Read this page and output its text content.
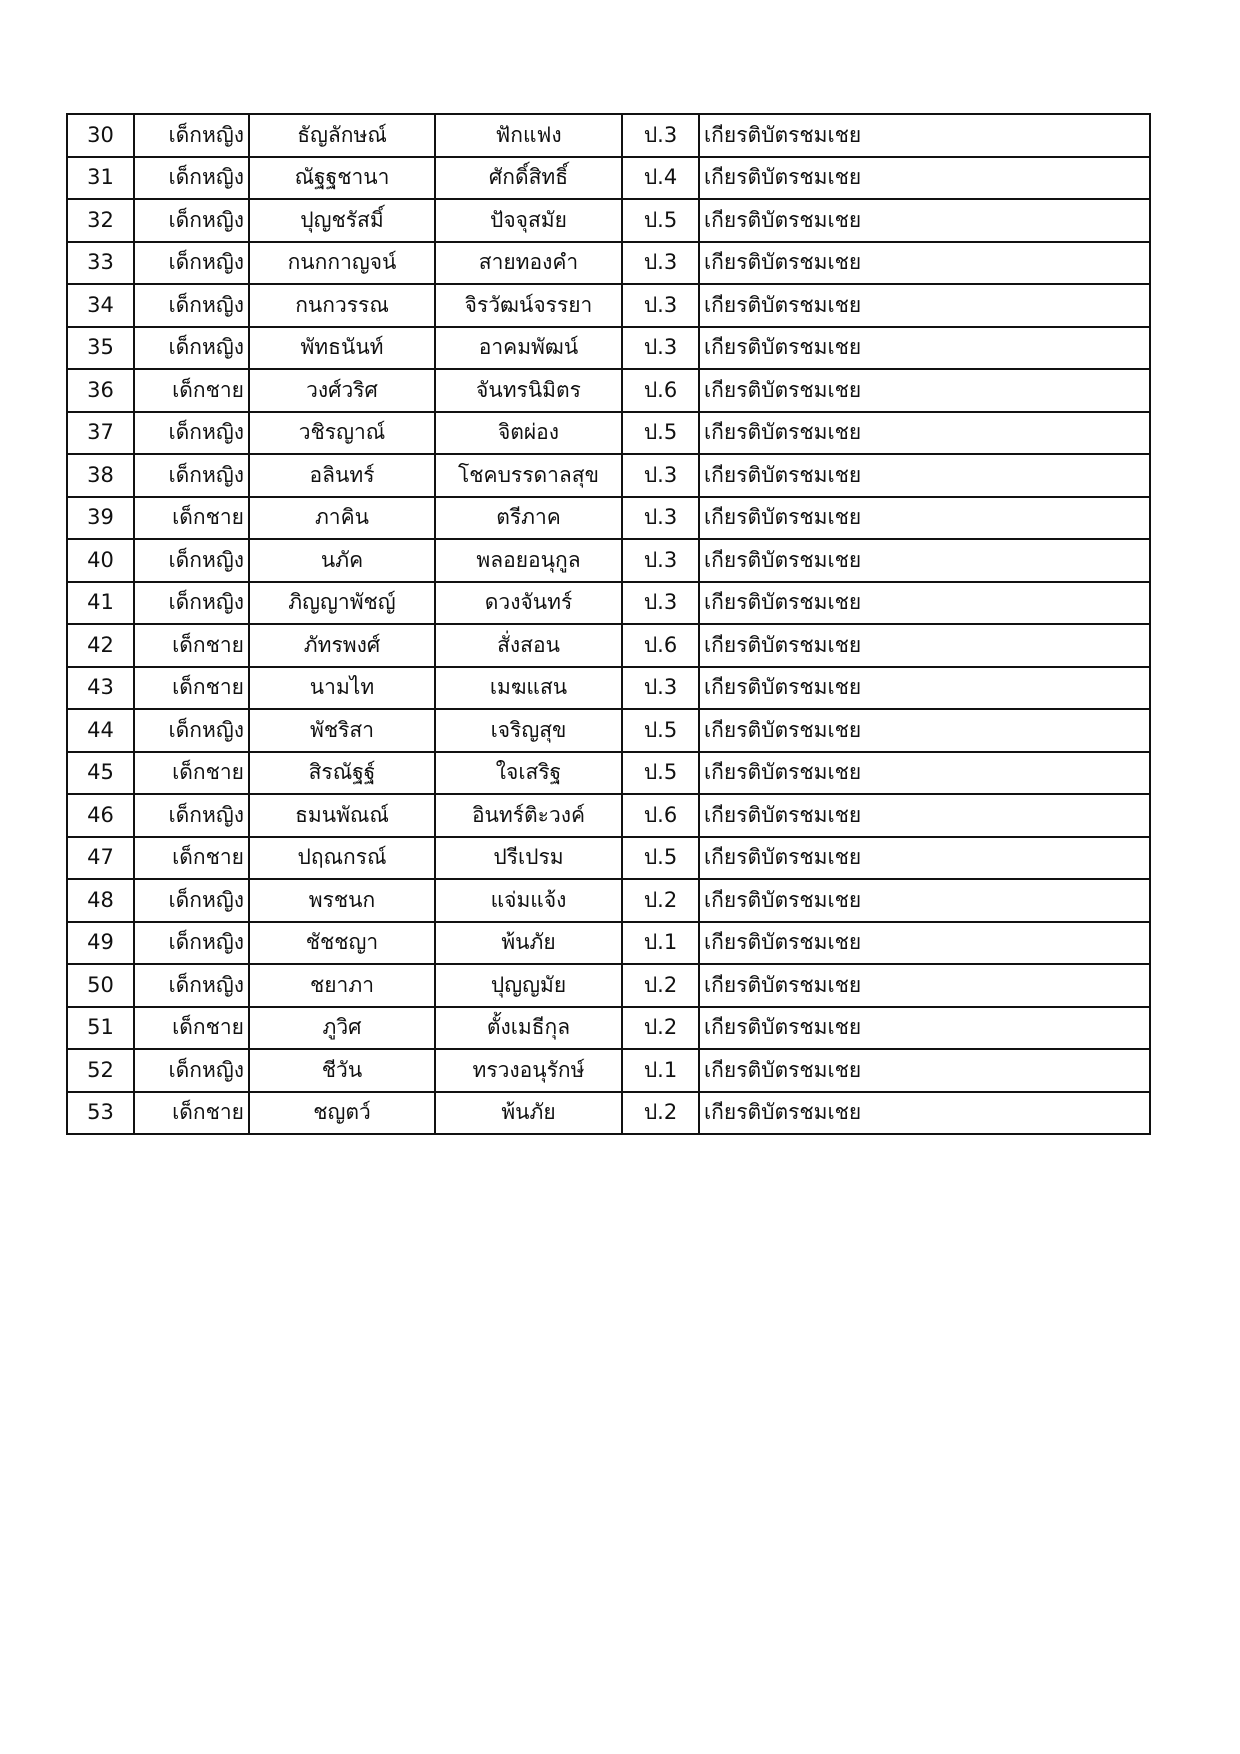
30	เด็กหญิง	ธัญลักษณ์	ฟักแฟง	ป.3	เกียรติบัตรชมเชย
31	เด็กหญิง	ณัฐฐชานา	ศักดิ์สิทธิ์	ป.4	เกียรติบัตรชมเชย
32	เด็กหญิง	ปุญชรัสมิ์	ปัจจุสมัย	ป.5	เกียรติบัตรชมเชย
33	เด็กหญิง	กนกกาญจน์	สายทองคำ	ป.3	เกียรติบัตรชมเชย
34	เด็กหญิง	กนกวรรณ	จิรวัฒน์จรรยา	ป.3	เกียรติบัตรชมเชย
35	เด็กหญิง	พัทธนันท์	อาคมพัฒน์	ป.3	เกียรติบัตรชมเชย
36	เด็กชาย	วงศ์วริศ	จันทรนิมิตร	ป.6	เกียรติบัตรชมเชย
37	เด็กหญิง	วชิรญาณ์	จิตผ่อง	ป.5	เกียรติบัตรชมเชย
38	เด็กหญิง	อลินทร์	โชคบรรดาลสุข	ป.3	เกียรติบัตรชมเชย
39	เด็กชาย	ภาคิน	ตรีภาค	ป.3	เกียรติบัตรชมเชย
40	เด็กหญิง	นภัค	พลอยอนุกูล	ป.3	เกียรติบัตรชมเชย
41	เด็กหญิง	ภิญญาพัชญ์	ดวงจันทร์	ป.3	เกียรติบัตรชมเชย
42	เด็กชาย	ภัทรพงศ์	สั่งสอน	ป.6	เกียรติบัตรชมเชย
43	เด็กชาย	นามไท	เมฆแสน	ป.3	เกียรติบัตรชมเชย
44	เด็กหญิง	พัชริสา	เจริญสุข	ป.5	เกียรติบัตรชมเชย
45	เด็กชาย	สิรณัฐฐ์	ใจเสริฐ	ป.5	เกียรติบัตรชมเชย
46	เด็กหญิง	ธมนพัณณ์	อินทร์ติะวงค์	ป.6	เกียรติบัตรชมเชย
47	เด็กชาย	ปฤณกรณ์	ปรีเปรม	ป.5	เกียรติบัตรชมเชย
48	เด็กหญิง	พรชนก	แจ่มแจ้ง	ป.2	เกียรติบัตรชมเชย
49	เด็กหญิง	ชัชชญา	พ้นภัย	ป.1	เกียรติบัตรชมเชย
50	เด็กหญิง	ชยาภา	ปุญญมัย	ป.2	เกียรติบัตรชมเชย
51	เด็กชาย	ภูวิศ	ตั้งเมธีกุล	ป.2	เกียรติบัตรชมเชย
52	เด็กหญิง	ชีวัน	ทรวงอนุรักษ์	ป.1	เกียรติบัตรชมเชย
53	เด็กชาย	ชญตว์	พ้นภัย	ป.2	เกียรติบัตรชมเชย
